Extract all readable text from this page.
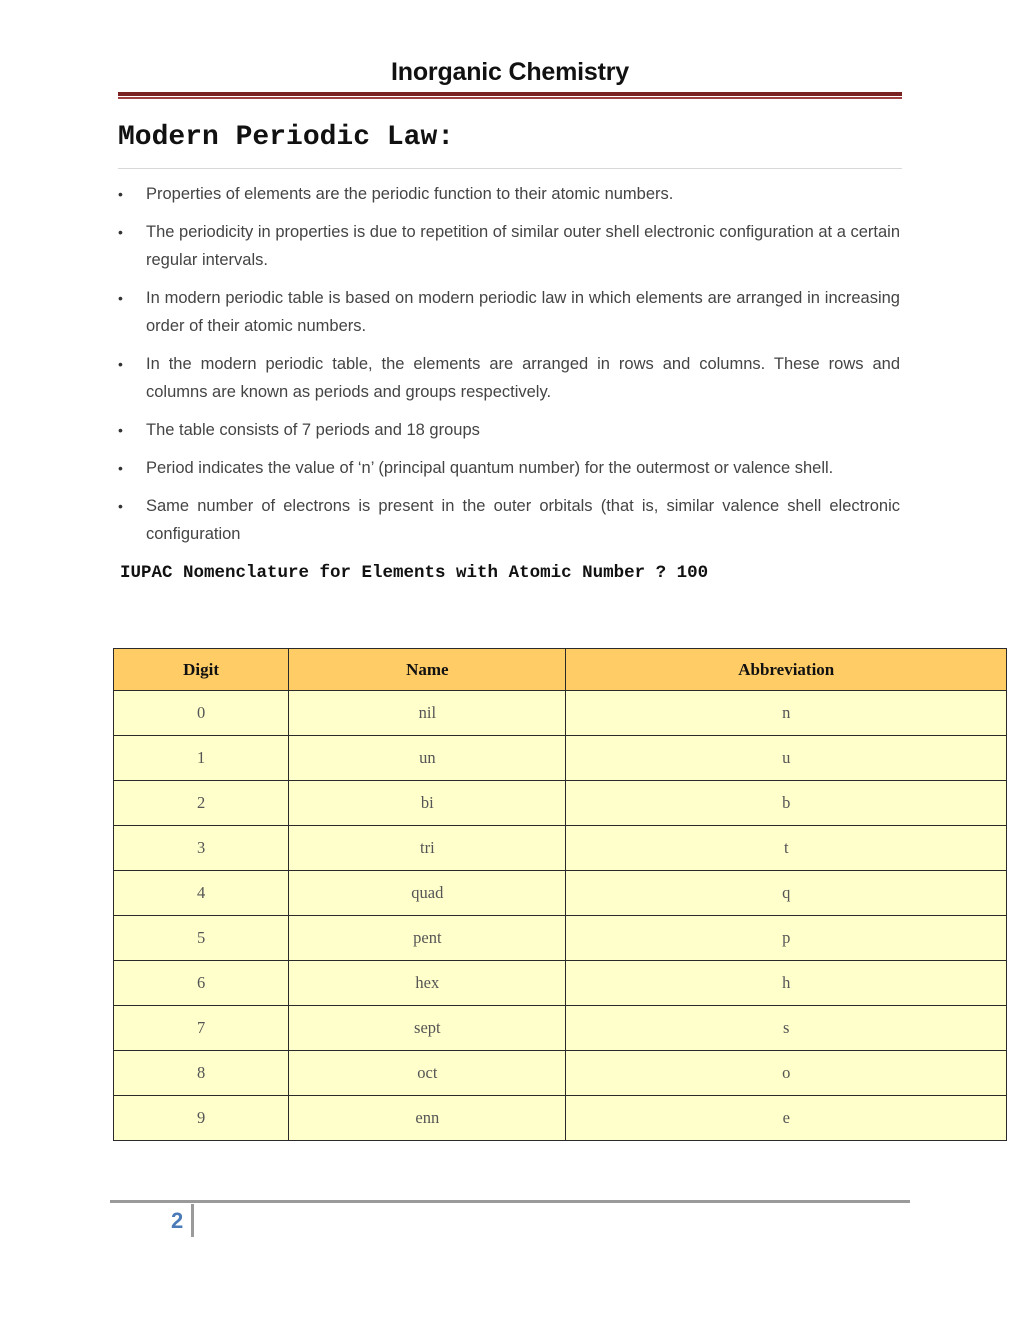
Inorganic Chemistry
Modern Periodic Law:
• Properties of elements are the periodic function to their atomic numbers.
• The periodicity in properties is due to repetition of similar outer shell electronic configuration at a certain regular intervals.
• In modern periodic table is based on modern periodic law in which elements are arranged in increasing order of their atomic numbers.
• In the modern periodic table, the elements are arranged in rows and columns. These rows and columns are known as periods and groups respectively.
• The table consists of 7 periods and 18 groups
• Period indicates the value of ‘n’ (principal quantum number) for the outermost or valence shell.
• Same number of electrons is present in the outer orbitals (that is, similar valence shell electronic configuration
IUPAC Nomenclature for Elements with Atomic Number ? 100
Digit	Name	Abbreviation
0	nil	n
1	un	u
2	bi	b
3	tri	t
4	quad	q
5	pent	p
6	hex	h
7	sept	s
8	oct	o
9	enn	e
2
